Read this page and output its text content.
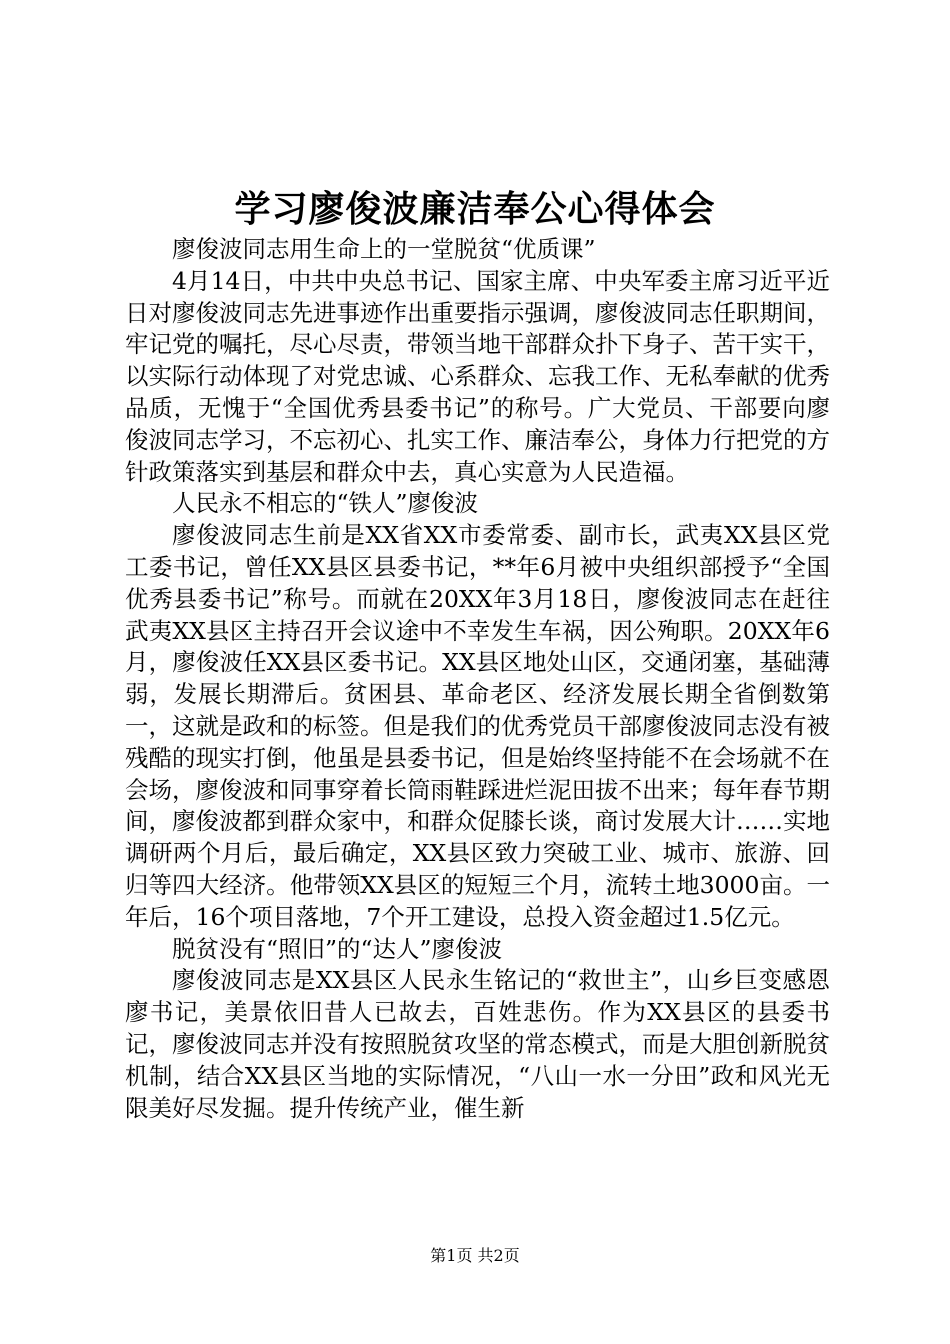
学习廖俊波廉洁奉公心得体会

廖俊波同志用生命上的一堂脱贫“优质课”

4月14日，中共中央总书记、国家主席、中央军委主席习近平近日对廖俊波同志先进事迹作出重要指示强调，廖俊波同志任职期间，牢记党的嘱托，尽心尽责，带领当地干部群众扑下身子、苦干实干，以实际行动体现了对党忠诚、心系群众、忘我工作、无私奉献的优秀品质，无愧于“全国优秀县委书记”的称号。广大党员、干部要向廖俊波同志学习，不忘初心、扎实工作、廉洁奉公，身体力行把党的方针政策落实到基层和群众中去，真心实意为人民造福。

人民永不相忘的“铁人”廖俊波

廖俊波同志生前是XX省XX市委常委、副市长，武夷XX县区党工委书记，曾任XX县区县委书记，**年6月被中央组织部授予“全国优秀县委书记”称号。而就在20XX年3月18日，廖俊波同志在赶往武夷XX县区主持召开会议途中不幸发生车祸，因公殉职。20XX年6月，廖俊波任XX县区委书记。XX县区地处山区，交通闭塞，基础薄弱，发展长期滞后。贫困县、革命老区、经济发展长期全省倒数第一，这就是政和的标签。但是我们的优秀党员干部廖俊波同志没有被残酷的现实打倒，他虽是县委书记，但是始终坚持能不在会场就不在会场，廖俊波和同事穿着长筒雨鞋踩进烂泥田拔不出来；每年春节期间，廖俊波都到群众家中，和群众促膝长谈，商讨发展大计……实地调研两个月后，最后确定，XX县区致力突破工业、城市、旅游、回归等四大经济。他带领XX县区的短短三个月，流转土地3000亩。一年后，16个项目落地，7个开工建设，总投入资金超过1.5亿元。

脱贫没有“照旧”的“达人”廖俊波

廖俊波同志是XX县区人民永生铭记的“救世主”，山乡巨变感恩廖书记，美景依旧昔人已故去，百姓悲伤。作为XX县区的县委书记，廖俊波同志并没有按照脱贫攻坚的常态模式，而是大胆创新脱贫机制，结合XX县区当地的实际情况，“八山一水一分田”政和风光无限美好尽发掘。提升传统产业，催生新

第1页 共2页
